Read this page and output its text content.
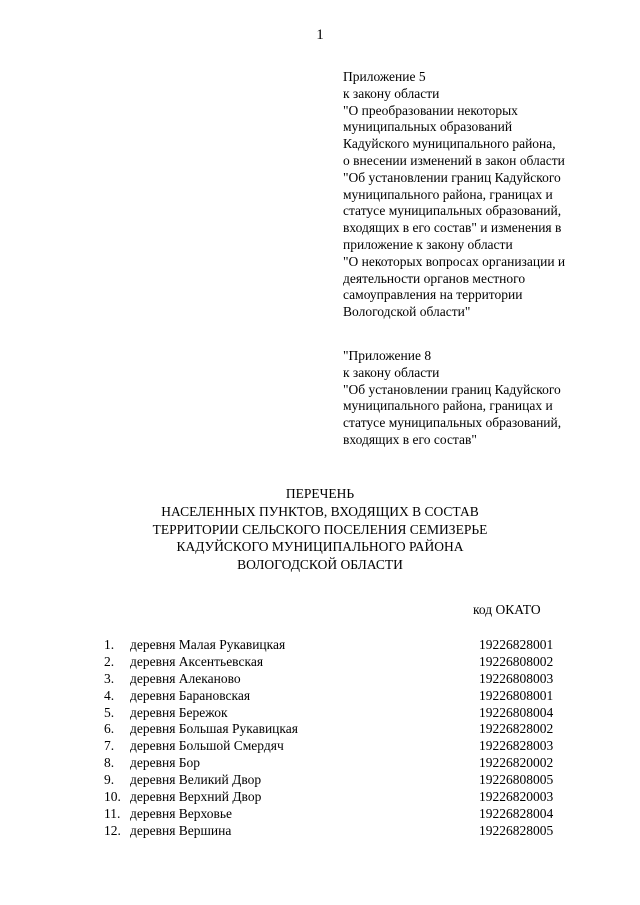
1
Приложение 5
к закону области
"О преобразовании некоторых
муниципальных образований
Кадуйского муниципального района,
о внесении изменений в закон области
"Об установлении границ Кадуйского
муниципального района, границах и
статусе муниципальных образований,
входящих в его состав" и изменения в
приложение к закону области
"О некоторых вопросах организации и
деятельности органов местного
самоуправления на территории
Вологодской области"
"Приложение 8
к закону области
"Об установлении границ Кадуйского
муниципального района, границах и
статусе муниципальных образований,
входящих в его состав"
ПЕРЕЧЕНЬ
НАСЕЛЕННЫХ ПУНКТОВ, ВХОДЯЩИХ В СОСТАВ
ТЕРРИТОРИИ СЕЛЬСКОГО ПОСЕЛЕНИЯ СЕМИЗЕРЬЕ
КАДУЙСКОГО МУНИЦИПАЛЬНОГО РАЙОНА
ВОЛОГОДСКОЙ ОБЛАСТИ
код ОКАТО
1. деревня Малая Рукавицкая	19226828001
2. деревня Аксентьевская	19226808002
3. деревня Алеканово	19226808003
4. деревня Барановская	19226808001
5. деревня Бережок	19226808004
6. деревня Большая Рукавицкая	19226828002
7. деревня Большой Смердяч	19226828003
8. деревня Бор	19226820002
9. деревня Великий Двор	19226808005
10. деревня Верхний Двор	19226820003
11. деревня Верховье	19226828004
12. деревня Вершина	19226828005
